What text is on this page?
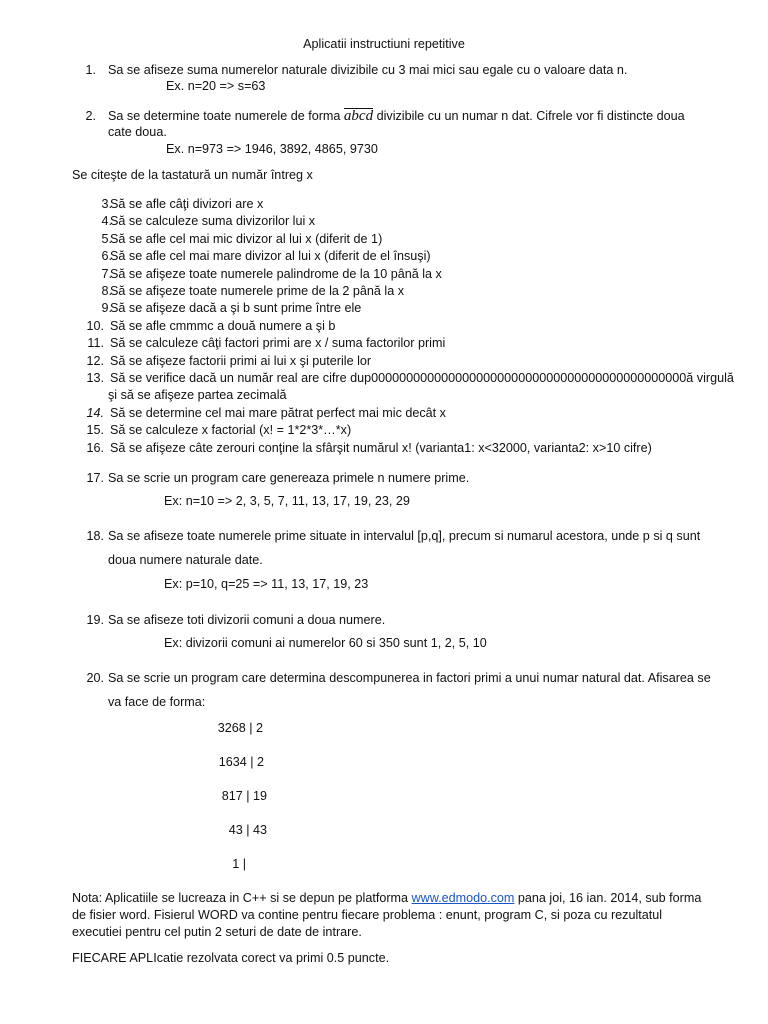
Aplicatii instructiuni repetitive
1. Sa se afiseze suma numerelor naturale divizibile cu 3 mai mici sau egale cu o valoare data n.
Ex. n=20 => s=63
2. Sa se determine toate numerele de forma abcd divizibile cu un numar n dat. Cifrele vor fi distincte doua
cate doua.
Ex. n=973 => 1946, 3892, 4865, 9730
Se citeşte de la tastatură un număr întreg x
3.
Să se afle câţi divizori are x
4.
Să se calculeze suma divizorilor lui x
5.
Să se afle cel mai mic divizor al lui x (diferit de 1)
6.
Să se afle cel mai mare divizor al lui x (diferit de el însuşi)
7.
Să se afişeze toate numerele palindrome de la 10 până la x
8.
Să se afişeze toate numerele prime de la 2 până la x
9.
Să se afişeze dacă a şi b sunt prime între ele
10. Să se afle cmmmc a două numere a şi b
11. Să se calculeze câţi factori primi are x / suma factorilor primi
12. Să se afişeze factorii primi ai lui x şi puterile lor
13. Să se verifice dacă un număr real are cifre dup000000000000000000000000000000000000000000000ă virgulă
şi să se afişeze partea zecimală
14. Să se determine cel mai mare pătrat perfect mai mic decât x
15. Să se calculeze x factorial (x! = 1*2*3*…*x)
16. Să se afişeze câte zerouri conţine la sfârşit numărul x! (varianta1: x<32000, varianta2: x>10 cifre)
17. Sa se scrie un program care genereaza primele n numere prime.
Ex: n=10 => 2, 3, 5, 7, 11, 13, 17, 19, 23, 29
18. Sa se afiseze toate numerele prime situate in intervalul [p,q], precum si numarul acestora, unde p si q sunt
doua numere naturale date.
Ex: p=10, q=25 => 11, 13, 17, 19, 23
19. Sa se afiseze toti divizorii comuni a doua numere.
Ex: divizorii comuni ai numerelor 60 si 350 sunt 1, 2, 5, 10
20. Sa se scrie un program care determina descompunerea in factori primi a unui numar natural dat. Afisarea se
va face de forma:
3268 | 2
1634 | 2
817 | 19
43 | 43
1 |
Nota: Aplicatiile se lucreaza in C++ si se depun pe platforma www.edmodo.com pana joi, 16 ian. 2014, sub forma
de fisier word. Fisierul WORD va contine pentru fiecare problema : enunt, program C, si poza cu rezultatul
executiei pentru cel putin 2 seturi de date de intrare.
FIECARE APLIcatie rezolvata corect va primi 0.5 puncte.
